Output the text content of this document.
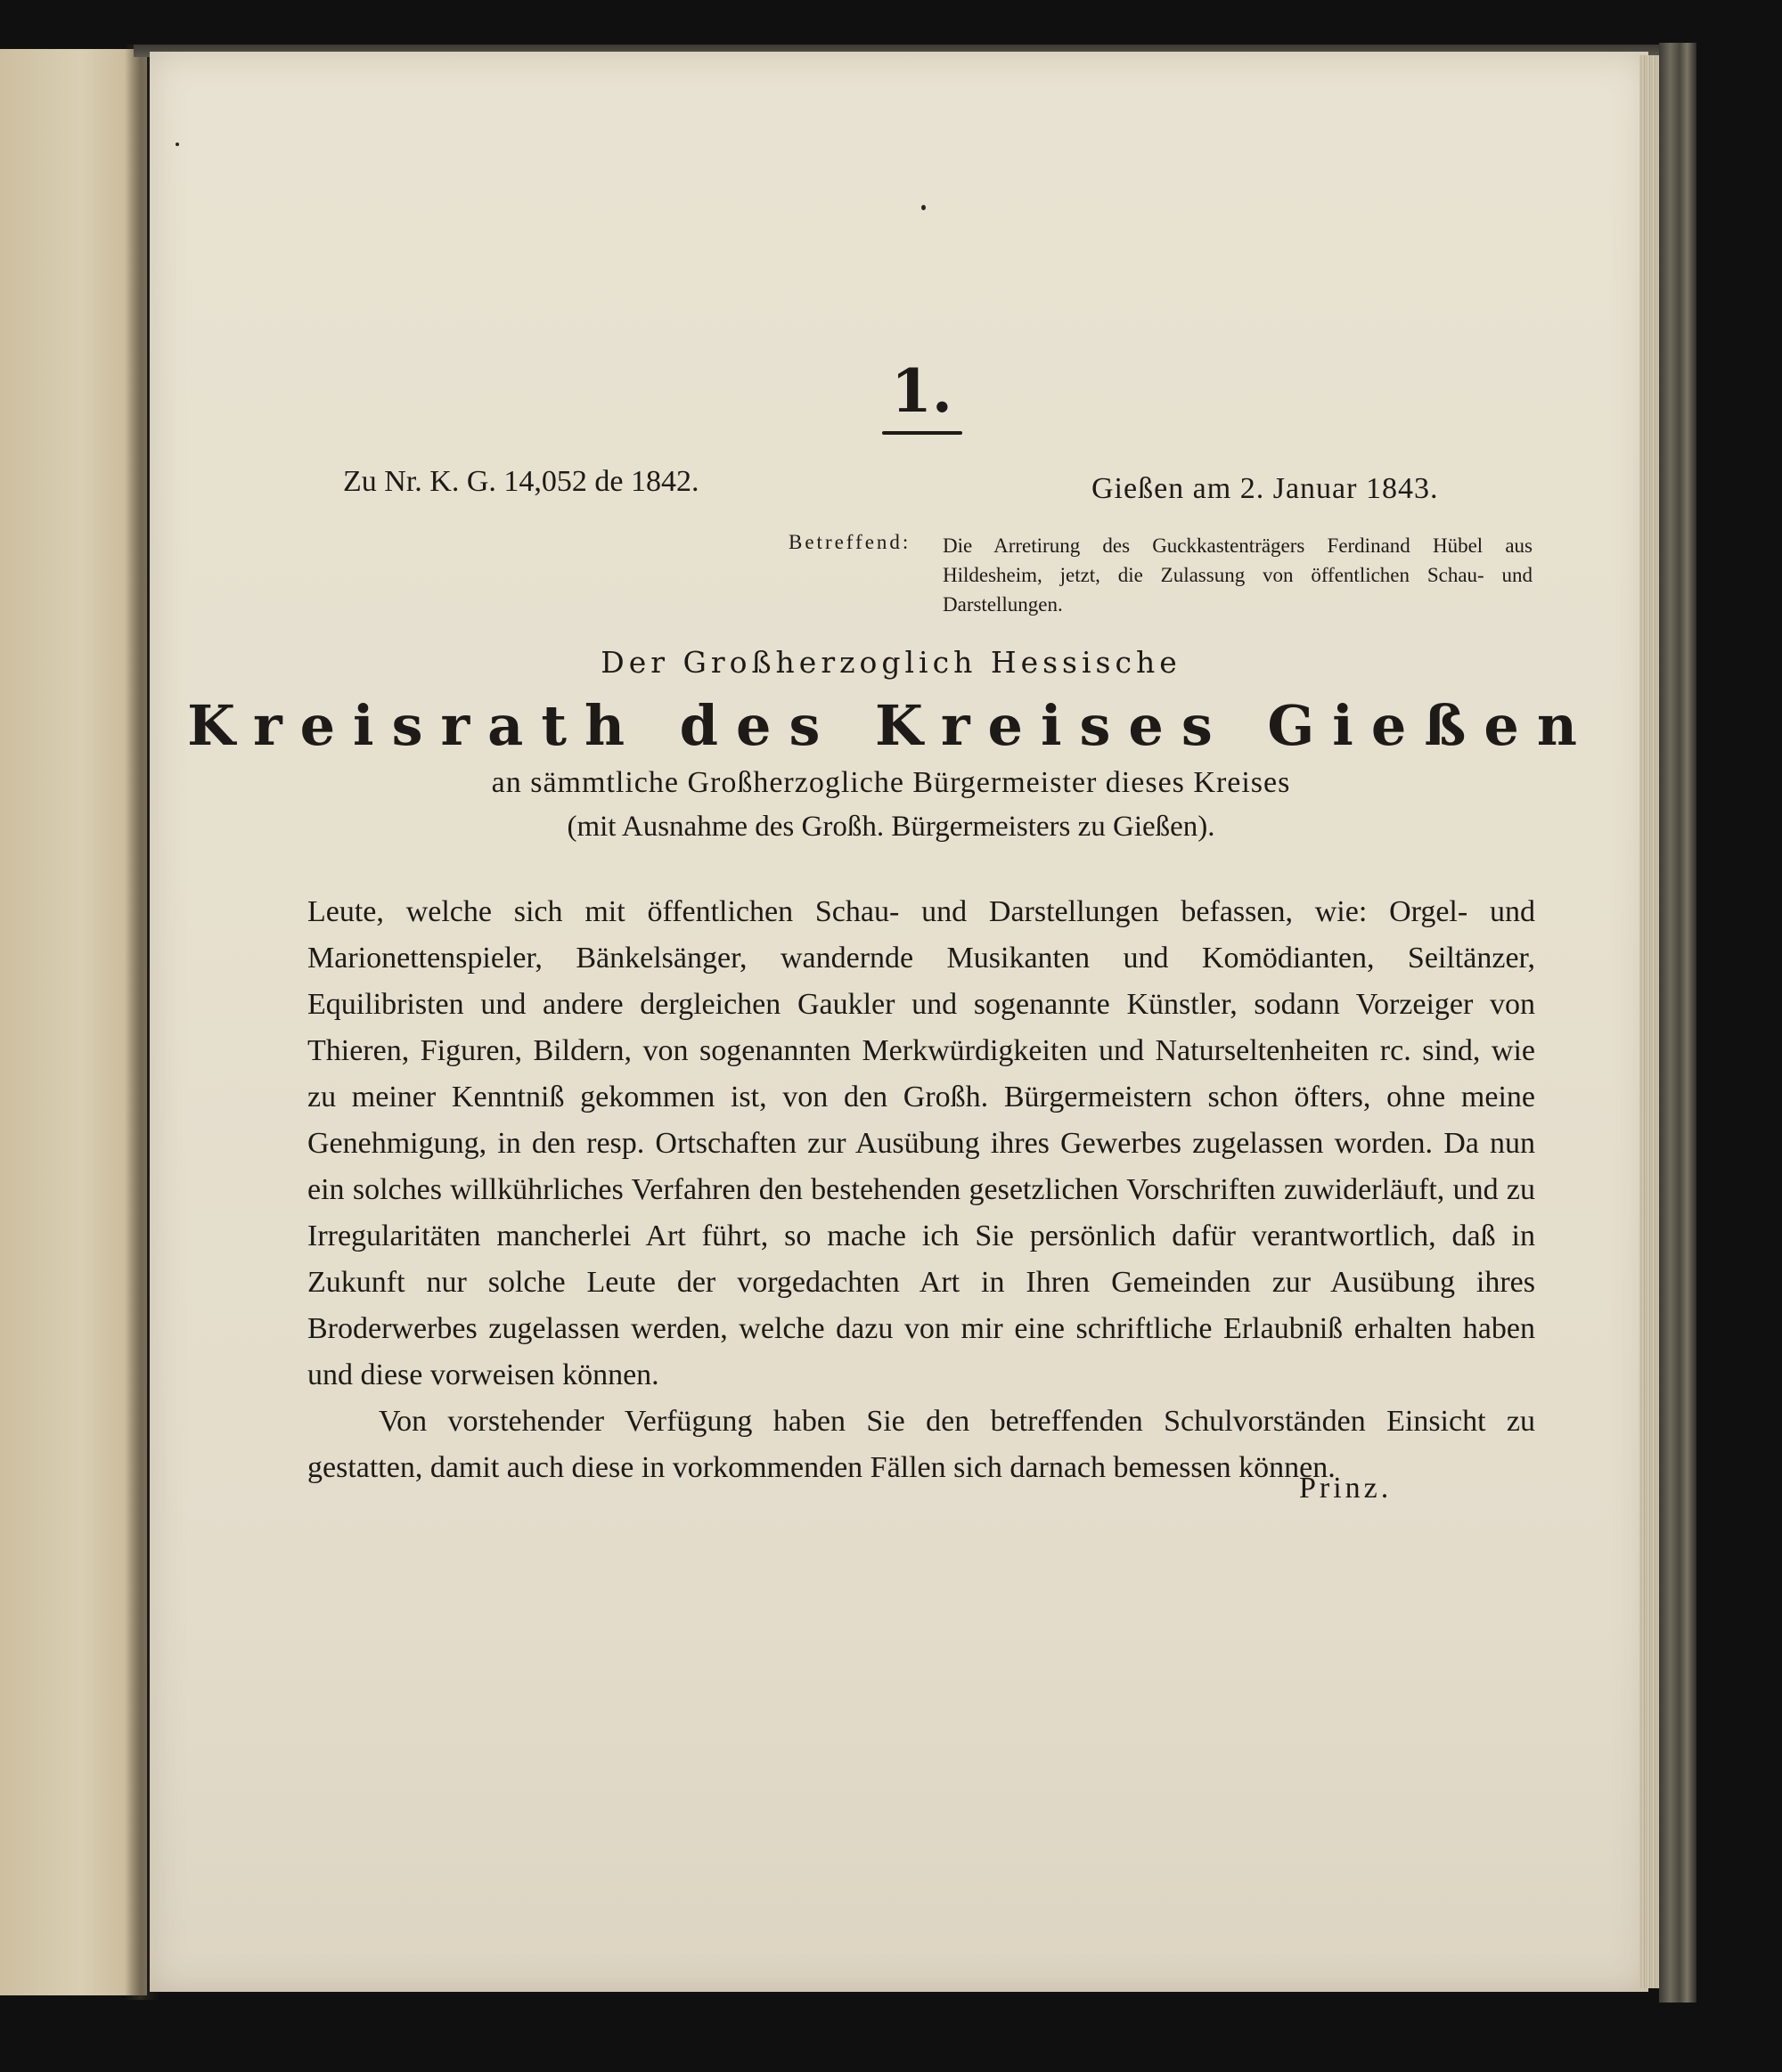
1.
Zu Nr. K. G. 14,052 de 1842.	Gießen am 2. Januar 1843.
Betreffend: Die Arretirung des Guckkastenträgers Ferdinand Hübel aus Hildesheim, jetzt, die Zulassung von öffentlichen Schau- und Darstellungen.
Der Großherzoglich Hessische
Kreisrath des Kreises Gießen
an sämmtliche Großherzogliche Bürgermeister dieses Kreises
(mit Ausnahme des Großh. Bürgermeisters zu Gießen).

Leute, welche sich mit öffentlichen Schau- und Darstellungen befassen, wie: Orgel- und Marionettenspieler, Bänkelsänger, wandernde Musikanten und Komödianten, Seiltänzer, Equilibristen und andere dergleichen Gaukler und sogenannte Künstler, sodann Vorzeiger von Thieren, Figuren, Bildern, von sogenannten Merkwürdigkeiten und Naturseltenheiten rc. sind, wie zu meiner Kenntniß gekommen ist, von den Großh. Bürgermeistern schon öfters, ohne meine Genehmigung, in den resp. Ortschaften zur Ausübung ihres Gewerbes zugelassen worden. Da nun ein solches willkührliches Verfahren den bestehenden gesetzlichen Vorschriften zuwiderläuft, und zu Irregularitäten mancherlei Art führt, so mache ich Sie persönlich dafür verantwortlich, daß in Zukunft nur solche Leute der vorgedachten Art in Ihren Gemeinden zur Ausübung ihres Broderwerbes zugelassen werden, welche dazu von mir eine schriftliche Erlaubniß erhalten haben und diese vorweisen können.

Von vorstehender Verfügung haben Sie den betreffenden Schulvorständen Einsicht zu gestatten, damit auch diese in vorkommenden Fällen sich darnach bemessen können.

Prinz.
